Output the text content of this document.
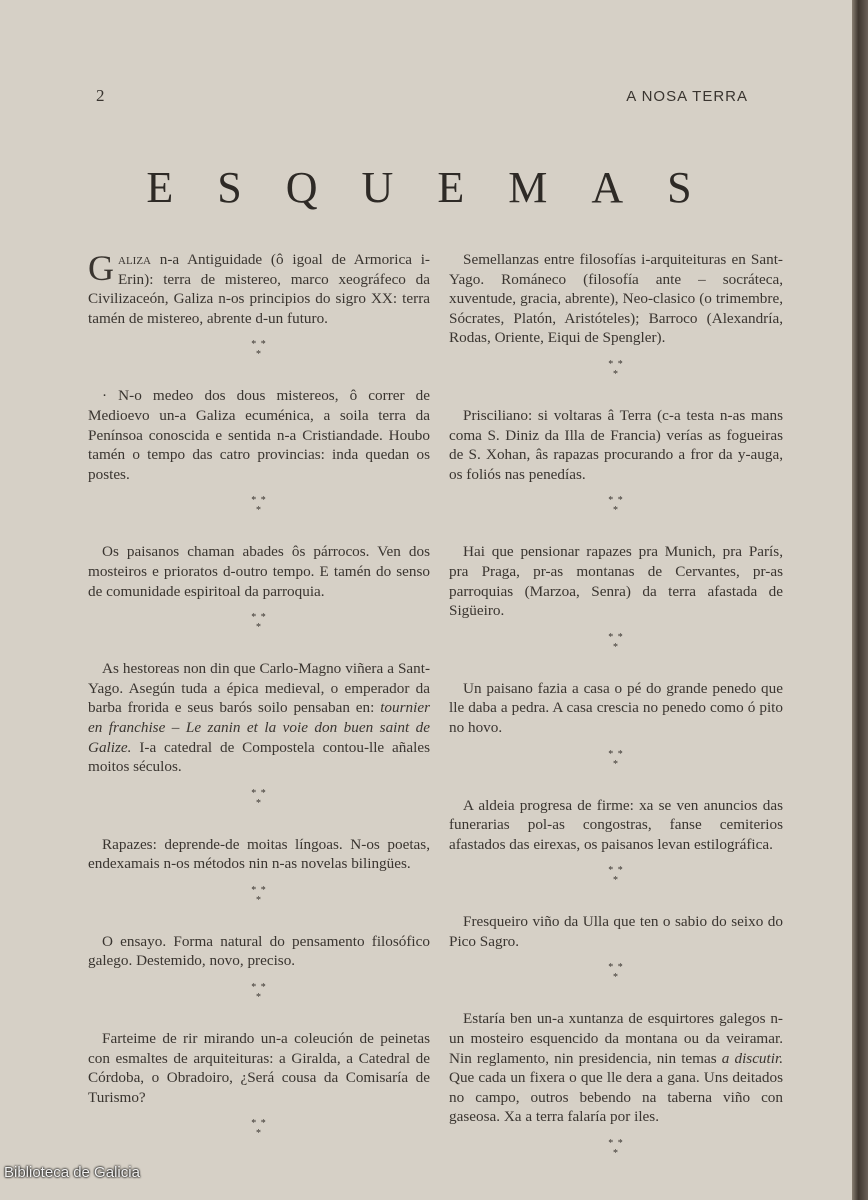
2	A NOSA TERRA
ESQUEMAS

Galiza n-a Antiguidade (ô igoal de Armorica i-Erin): terra de mistereo, marco xeográfeco da Civilizaceón, Galiza n-os principios do sigro XX: terra tamén de mistereo, abrente d-un futuro.

* *
*

· N-o medeo dos dous mistereos, ô correr de Medioevo un-a Galiza ecuménica, a soila terra da Penínsoa conoscida e sentida n-a Cristiandade. Houbo tamén o tempo das catro provincias: inda quedan os postes.

* *
*

Os paisanos chaman abades ôs párrocos. Ven dos mosteiros e prioratos d-outro tempo. E tamén do senso de comunidade espiritoal da parroquia.

* *
*

As hestoreas non din que Carlo-Magno viñera a Sant-Yago. Asegún tuda a épica medieval, o emperador da barba frorida e seus barós soilo pensaban en: tournier en franchise – Le zanin et la voie don buen saint de Galize. I-a catedral de Compostela contou-lle añales moitos séculos.

* *
*

Rapazes: deprende-de moitas língoas. N-os poetas, endexamais n-os métodos nin n-as novelas bilingües.

* *
*

O ensayo. Forma natural do pensamento filosófico galego. Destemido, novo, preciso.

* *
*

Farteime de rir mirando un-a coleución de peinetas con esmaltes de arquiteituras: a Giralda, a Catedral de Córdoba, o Obradoiro, ¿Será cousa da Comisaría de Turismo?

* *
*

Semellanzas entre filosofías i-arquiteituras en Sant-Yago. Románeco (filosofía ante – socráteca, xuventude, gracia, abrente), Neo-clasico (o trimembre, Sócrates, Platón, Aristóteles); Barroco (Alexandría, Rodas, Oriente, Eiqui de Spengler).

* *
*

Prisciliano: si voltaras â Terra (c-a testa n-as mans coma S. Diniz da Illa de Francia) verías as fogueiras de S. Xohan, âs rapazas procurando a fror da y-auga, os foliós nas penedías.

* *
*

Hai que pensionar rapazes pra Munich, pra París, pra Praga, pr-as montanas de Cervantes, pr-as parroquias (Marzoa, Senra) da terra afastada de Sigüeiro.

* *
*

Un paisano fazia a casa o pé do grande penedo que lle daba a pedra. A casa crescia no penedo como ó pito no hovo.

* *
*

A aldeia progresa de firme: xa se ven anuncios das funerarias pol-as congostras, fanse cemiterios afastados das eirexas, os paisanos levan estilográfica.

* *
*

Fresqueiro viño da Ulla que ten o sabio do seixo do Pico Sagro.

* *
*

Estaría ben un-a xuntanza de esquirtores galegos n-un mosteiro esquencido da montana ou da veiramar. Nin reglamento, nin presidencia, nin temas a discutir. Que cada un fixera o que lle dera a gana. Uns deitados no campo, outros bebendo na taberna viño con gaseosa. Xa a terra falaría por iles.

* *
*
Biblioteca de Galicia
